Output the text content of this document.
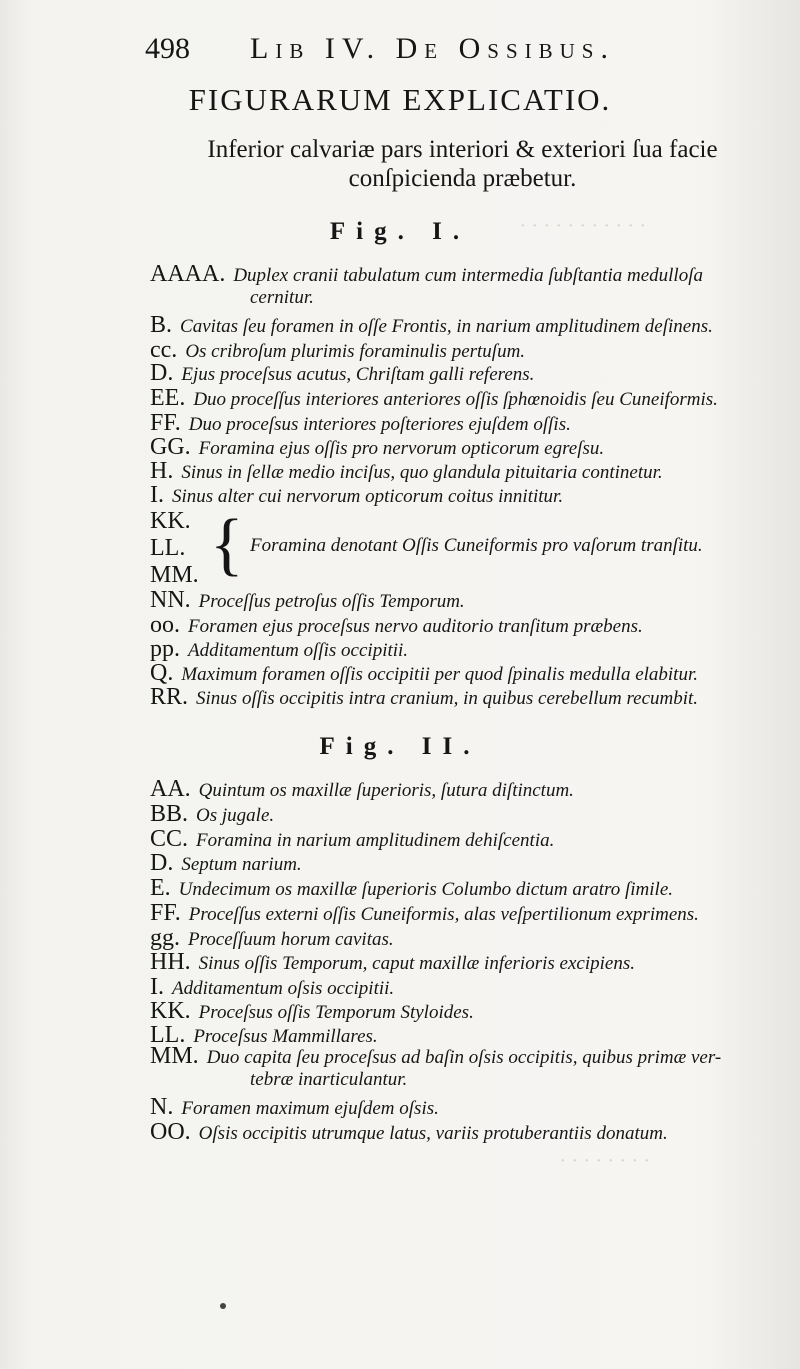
· · · · · · · · · · ·
· · · · · · · ·
498 Lib IV. De Ossibus.
FIGURARUM EXPLICATIO.
Inferior calvariæ pars interiori & exteriori ſua facie conſpicienda præbetur.
Fig. I.
AAAA. Duplex cranii tabulatum cum intermedia ſubſtantia medulloſa
cernitur.
B. Cavitas ſeu foramen in oſſe Frontis, in narium amplitudinem deſinens.
cc. Os cribroſum plurimis foraminulis pertuſum.
D. Ejus proceſsus acutus, Chriſtam galli referens.
EE. Duo proceſſus interiores anteriores oſſis ſphœnoidis ſeu Cuneiformis.
FF. Duo proceſsus interiores poſteriores ejuſdem oſſis.
GG. Foramina ejus oſſis pro nervorum opticorum egreſsu.
H. Sinus in ſellæ medio inciſus, quo glandula pituitaria continetur.
I. Sinus alter cui nervorum opticorum coitus innititur.
KK.
LL.
MM. { Foramina denotant Oſſis Cuneiformis pro vaſorum tranſitu.
NN. Proceſſus petroſus oſſis Temporum.
oo. Foramen ejus proceſsus nervo auditorio tranſitum præbens.
pp. Additamentum oſſis occipitii.
Q. Maximum foramen oſſis occipitii per quod ſpinalis medulla elabitur.
RR. Sinus oſſis occipitis intra cranium, in quibus cerebellum recumbit.
Fig. II.
AA. Quintum os maxillæ ſuperioris, ſutura diſtinctum.
BB. Os jugale.
CC. Foramina in narium amplitudinem dehiſcentia.
D. Septum narium.
E. Undecimum os maxillæ ſuperioris Columbo dictum aratro ſimile.
FF. Proceſſus externi oſſis Cuneiformis, alas veſpertilionum exprimens.
gg. Proceſſuum horum cavitas.
HH. Sinus oſſis Temporum, caput maxillæ inferioris excipiens.
I. Additamentum oſsis occipitii.
KK. Proceſsus oſſis Temporum Styloides.
LL. Proceſsus Mammillares.
MM. Duo capita ſeu proceſsus ad baſin oſsis occipitis, quibus primæ ver-
tebræ inarticulantur.
N. Foramen maximum ejuſdem oſsis.
OO. Oſsis occipitis utrumque latus, variis protuberantiis donatum.
